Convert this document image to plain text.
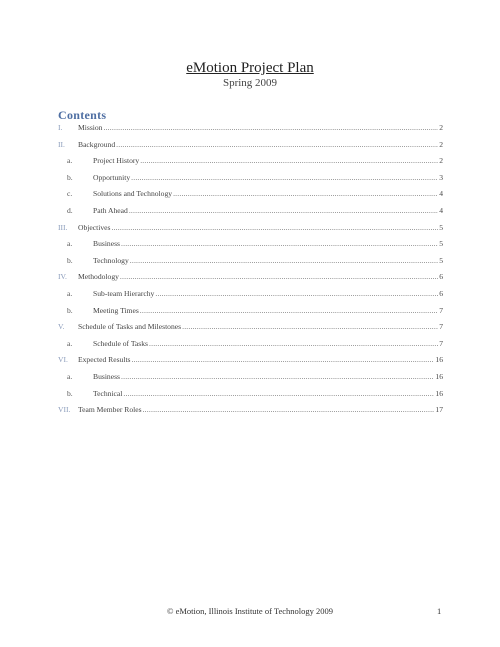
eMotion Project Plan
Spring 2009
Contents
I.	Mission .....	2
II.	Background .....	2
a.	Project History .....	2
b.	Opportunity .....	3
c.	Solutions and Technology .....	4
d.	Path Ahead .....	4
III.	Objectives .....	5
a.	Business .....	5
b.	Technology .....	5
IV.	Methodology .....	6
a.	Sub-team Hierarchy .....	6
b.	Meeting Times .....	7
V.	Schedule of Tasks and Milestones .....	7
a.	Schedule of Tasks .....	7
VI.	Expected Results .....	16
a.	Business .....	16
b.	Technical .....	16
VII. Team Member Roles .....	17
© eMotion, Illinois Institute of Technology 2009	1
